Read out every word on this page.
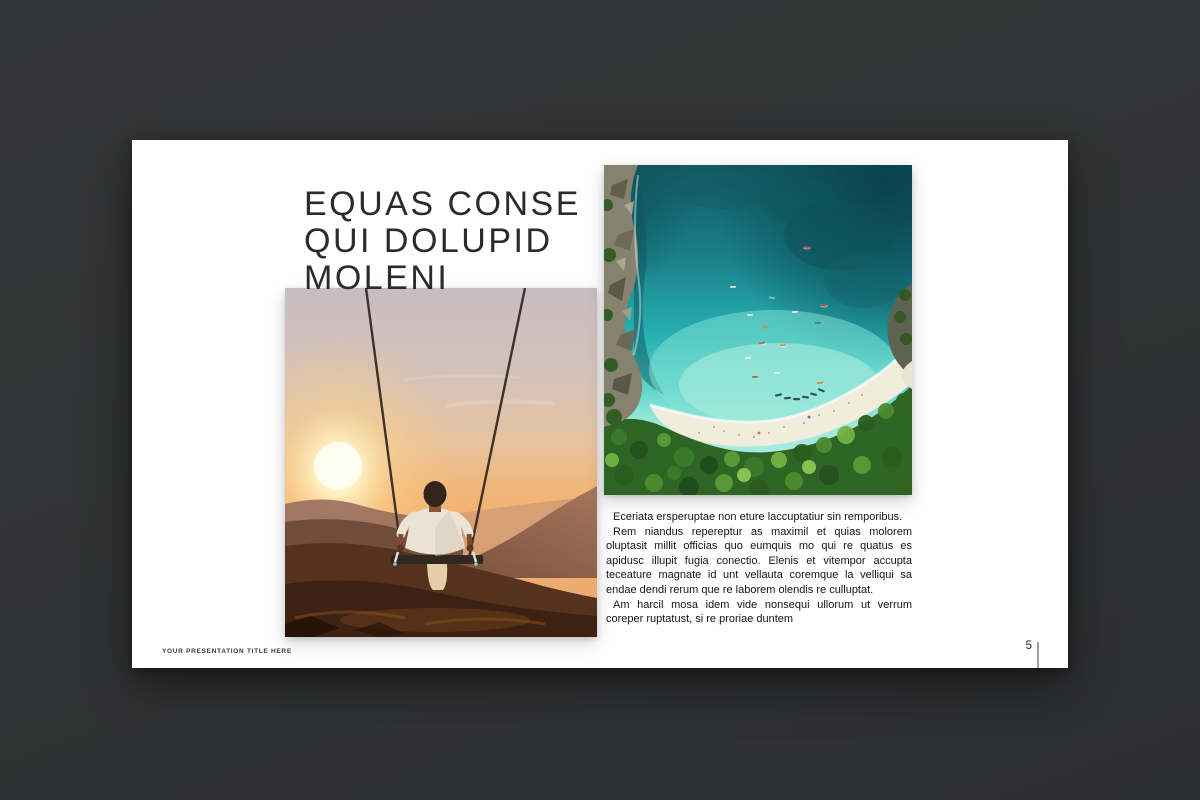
EQUAS CONSE
QUI DOLUPID
MOLENI

Eceriata ersperuptae non eture laccuptatiur sin remporibus.

Rem niandus repereptur as maximil et quias molorem oluptasit millit officias quo eumquis mo qui re quatus es apidusc illupit fugia conectio. Elenis et vitempor accupta teceature magnate id unt vellauta coremque la velliqui sa endae dendi rerum que re laborem olendis re culluptat.

Am harcil mosa idem vide nonsequi ullorum ut verrum coreper ruptatust, si re proriae duntem

YOUR PRESENTATION TITLE HERE	5
